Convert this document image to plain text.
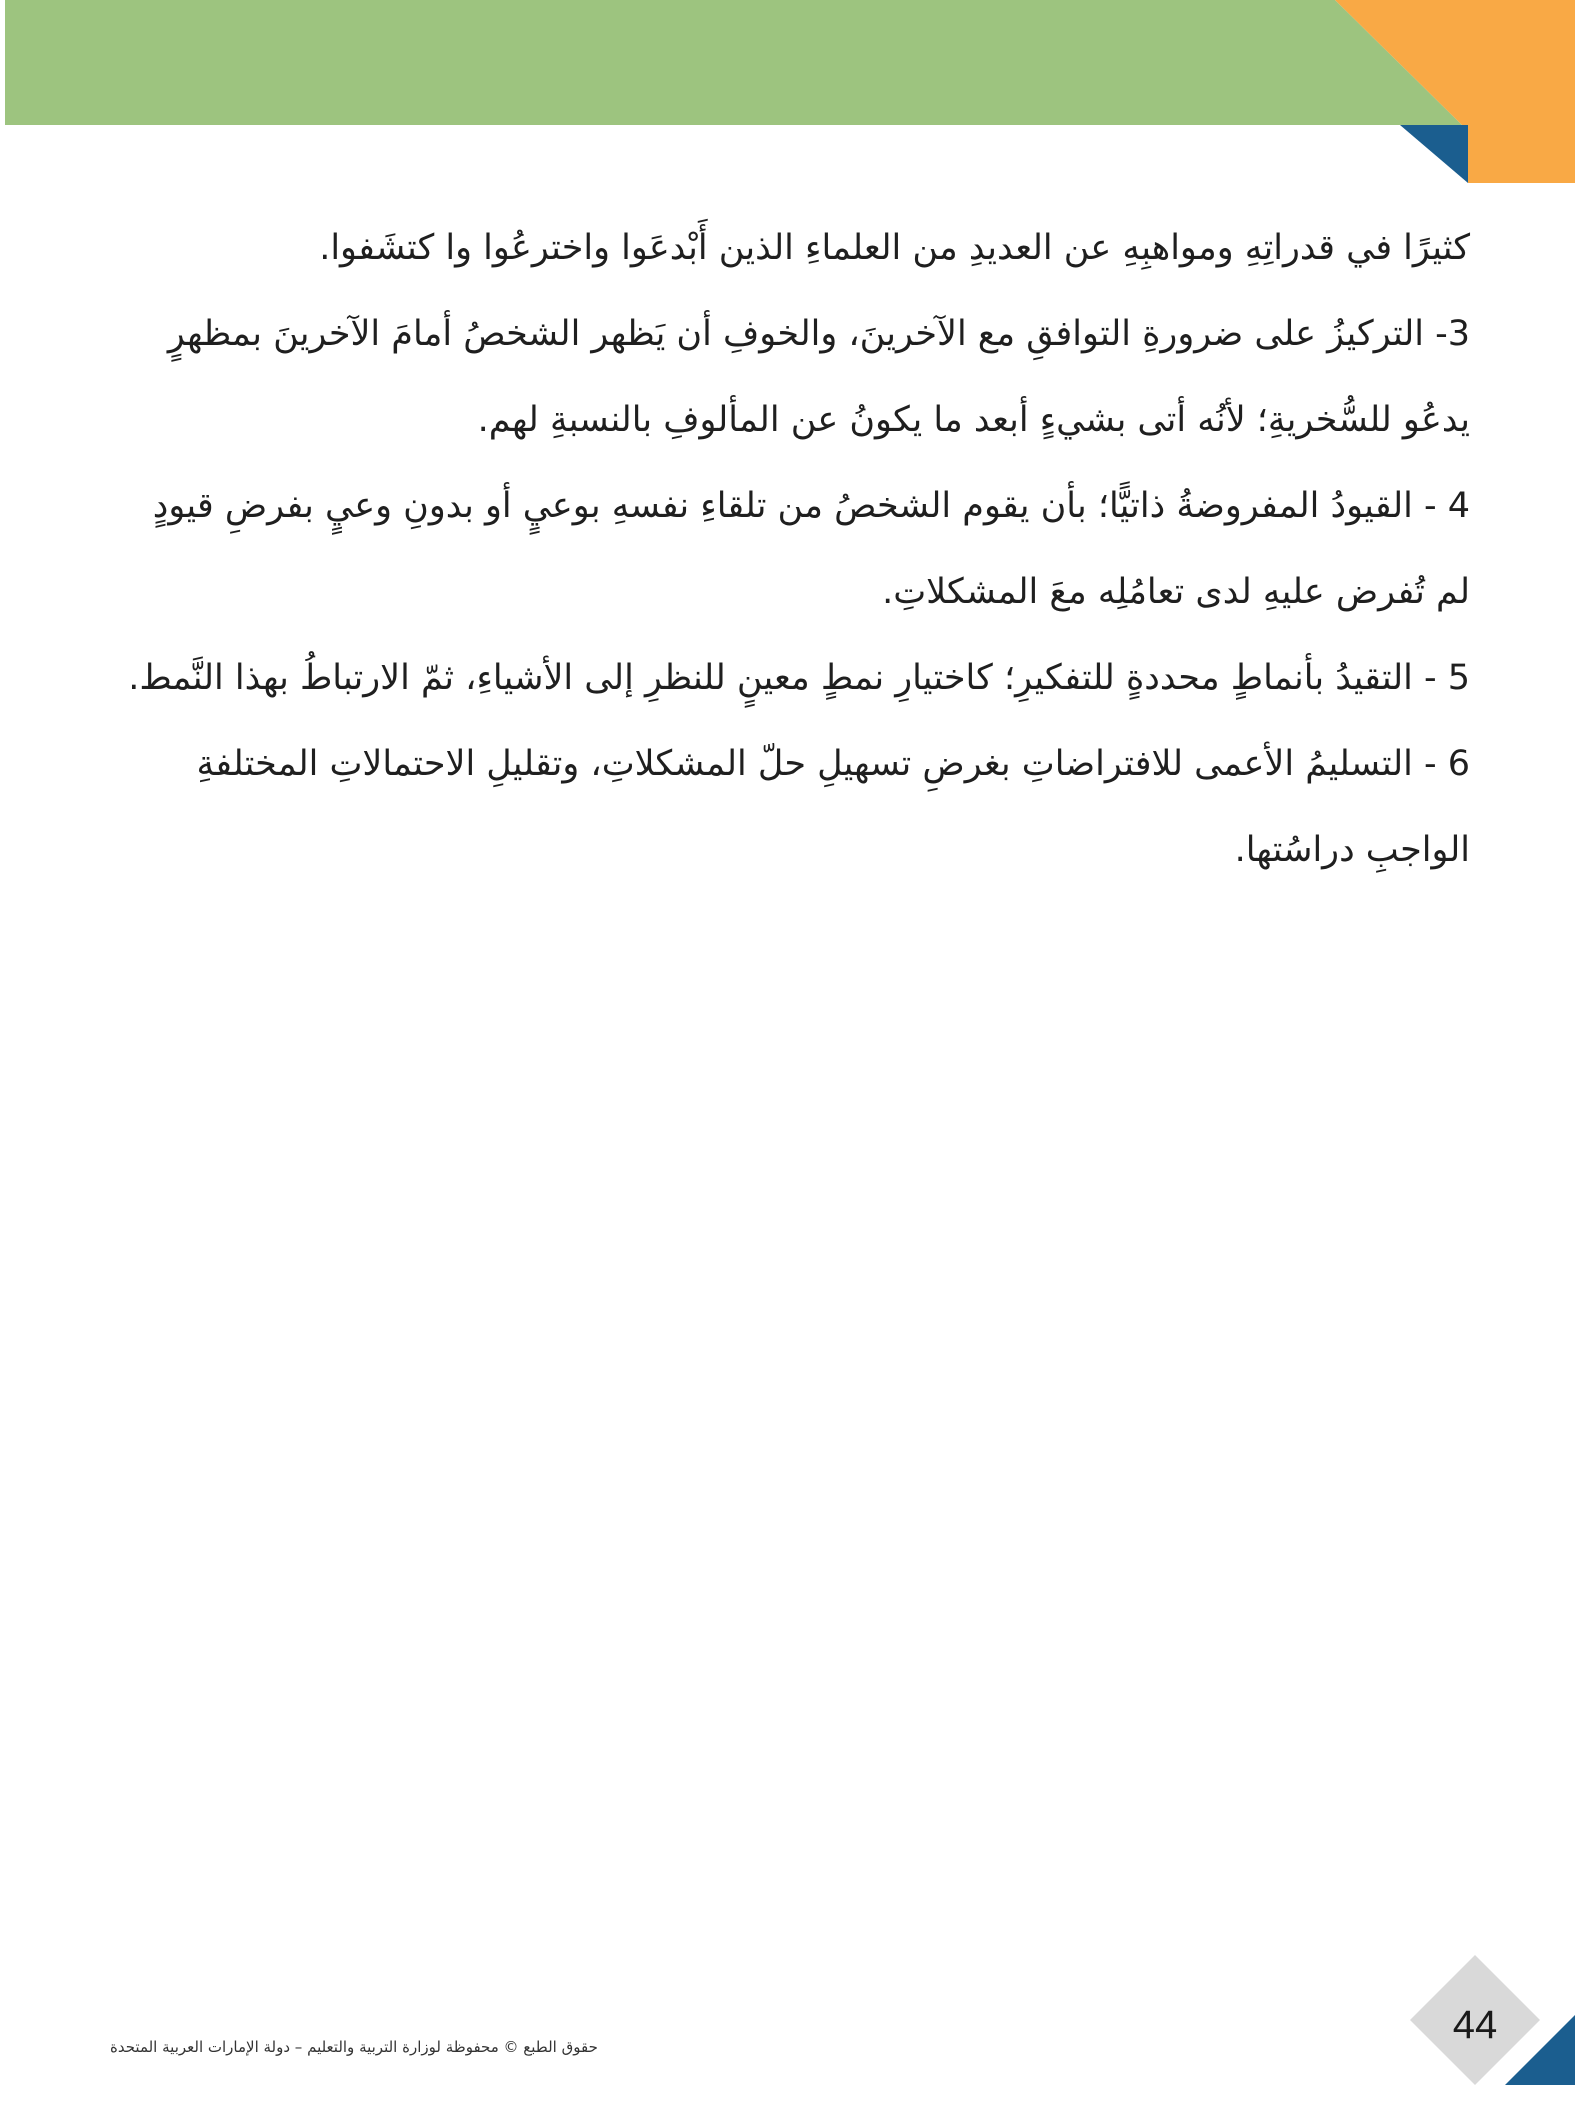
كثيرًا في قدراتِهِ ومواهبِهِ عن العديدِ من العلماءِ الذين أَبْدعَوا واخترعُوا وا كتشَفوا.

3- التركيزُ على ضرورةِ التوافقِ مع الآخرينَ، والخوفِ أن يَظهر الشخصُ أمامَ الآخرينَ بمظهرٍ يدعُو للسُّخريةِ؛ لأنُه أتى بشيءٍ أبعد ما يكونُ عن المألوفِ بالنسبةِ لهم.

4 - القيودُ المفروضةُ ذاتيًّا؛ بأن يقوم الشخصُ من تلقاءِ نفسهِ بوعيٍ أو بدونِ وعيٍ بفرضِ قيودٍ لم تُفرض عليهِ لدى تعامُلِه معَ المشكلاتِ.

5 - التقيدُ بأنماطٍ محددةٍ للتفكيرِ؛ كاختيارِ نمطٍ معينٍ للنظرِ إلى الأشياءِ، ثمّ الارتباطُ بهذا النَّمط.

6 - التسليمُ الأعمى للافتراضاتِ بغرضِ تسهيلِ حلّ المشكلاتِ، وتقليلِ الاحتمالاتِ المختلفةِ الواجبِ دراسُتها.

حقوق الطبع © محفوظة لوزارة التربية والتعليم – دولة الإمارات العربية المتحدة	44
